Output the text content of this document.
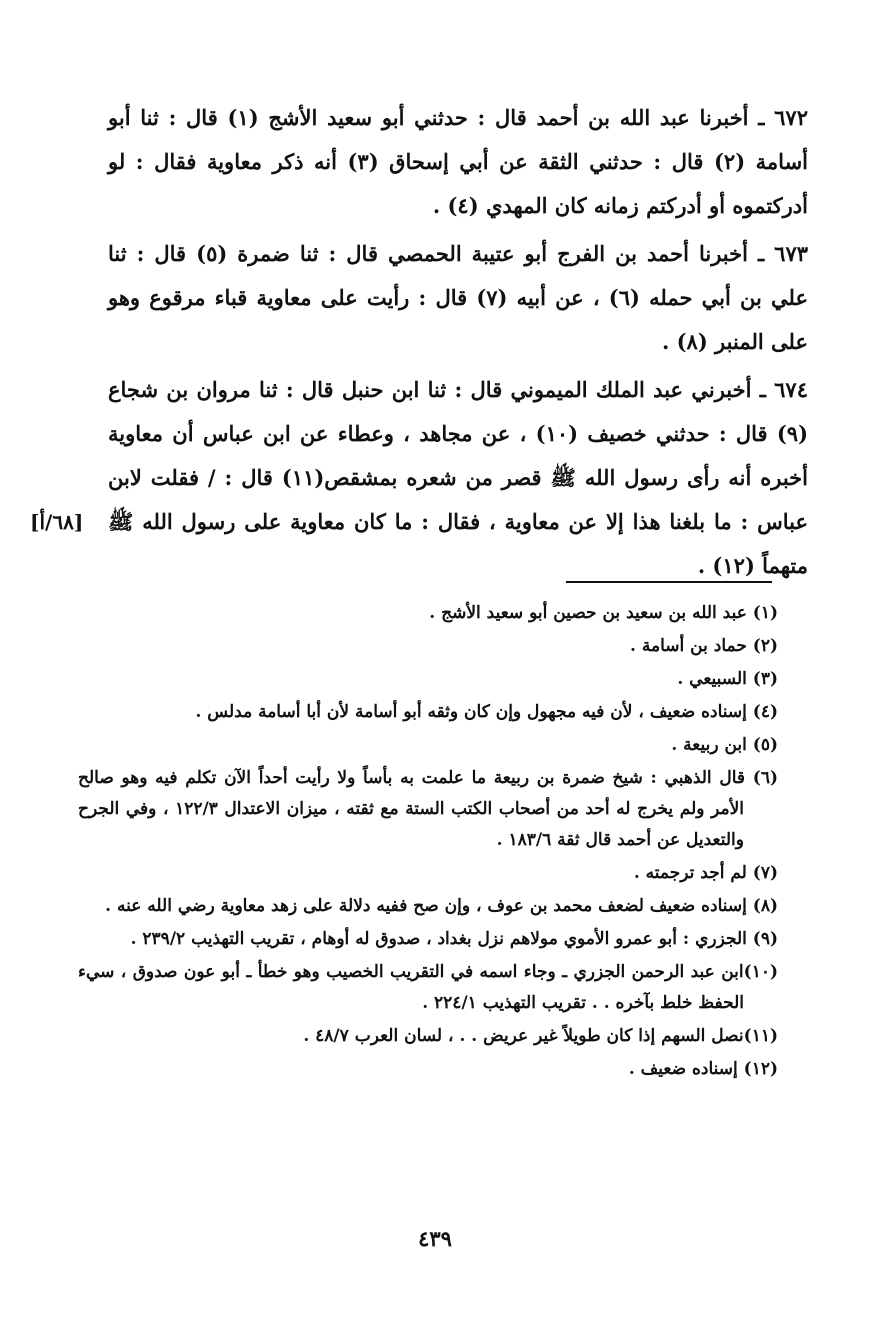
٦٧٢ ـ أخبرنا عبد الله بن أحمد قال : حدثني أبو سعيد الأشج (١) قال : ثنا أبو أسامة (٢) قال : حدثني الثقة عن أبي إسحاق (٣) أنه ذكر معاوية فقال : لو أدركتموه أو أدركتم زمانه كان المهدي (٤) .
٦٧٣ ـ أخبرنا أحمد بن الفرج أبو عتيبة الحمصي قال : ثنا ضمرة (٥) قال : ثنا علي بن أبي حمله (٦) ، عن أبيه (٧) قال : رأيت على معاوية قباء مرقوع وهو على المنبر (٨) .
٦٧٤ ـ أخبرني عبد الملك الميموني قال : ثنا ابن حنبل قال : ثنا مروان بن شجاع (٩) قال : حدثني خصيف (١٠) ، عن مجاهد ، وعطاء عن ابن عباس أن معاوية أخبره أنه رأى رسول الله ﷺ قصر من شعره بمشقص(١١) قال : / فقلت لابن عباس : ما بلغنا هذا إلا عن معاوية ، فقال : ما كان معاوية على رسول الله ﷺ متهماً (١٢) .
[٦٨/أ]
(١) عبد الله بن سعيد بن حصين أبو سعيد الأشج .
(٢) حماد بن أسامة .
(٣) السبيعي .
(٤) إسناده ضعيف ، لأن فيه مجهول وإن كان وثقه أبو أسامة لأن أبا أسامة مدلس .
(٥) ابن ربيعة .
(٦) قال الذهبي : شيخ ضمرة بن ربيعة ما علمت به بأساً ولا رأيت أحداً الآن تكلم فيه وهو صالح الأمر ولم يخرج له أحد من أصحاب الكتب الستة مع ثقته ، ميزان الاعتدال ١٢٢/٣ ، وفي الجرح والتعديل عن أحمد قال ثقة ١٨٣/٦ .
(٧) لم أجد ترجمته .
(٨) إسناده ضعيف لضعف محمد بن عوف ، وإن صح ففيه دلالة على زهد معاوية رضي الله عنه .
(٩) الجزري : أبو عمرو الأموي مولاهم نزل بغداد ، صدوق له أوهام ، تقريب التهذيب ٢٣٩/٢ .
(١٠)ابن عبد الرحمن الجزري ـ وجاء اسمه في التقريب الخصيب وهو خطأ ـ أبو عون صدوق ، سيء الحفظ خلط بآخره . . تقريب التهذيب ٢٢٤/١ .
(١١)نصل السهم إذا كان طويلاً غير عريض . . ، لسان العرب ٤٨/٧ .
(١٢) إسناده ضعيف .
٤٣٩
